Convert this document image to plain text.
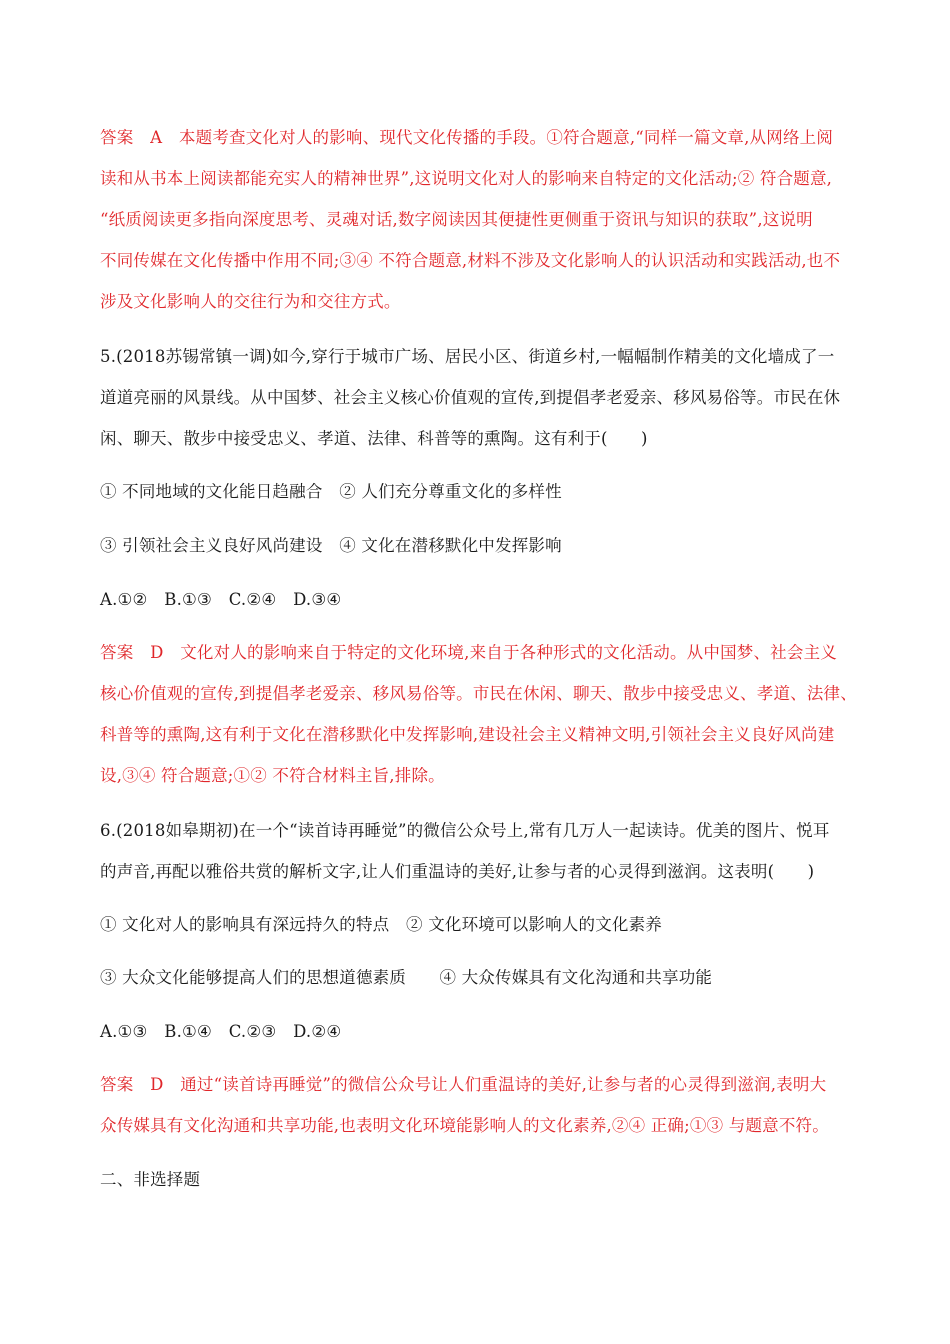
答案　A　本题考查文化对人的影响、现代文化传播的手段。①符合题意,“同样一篇文章,从网络上阅
读和从书本上阅读都能充实人的精神世界”,这说明文化对人的影响来自特定的文化活动;② 符合题意,
“纸质阅读更多指向深度思考、灵魂对话,数字阅读因其便捷性更侧重于资讯与知识的获取”,这说明
不同传媒在文化传播中作用不同;③④ 不符合题意,材料不涉及文化影响人的认识活动和实践活动,也不
涉及文化影响人的交往行为和交往方式。
5.(2018苏锡常镇一调)如今,穿行于城市广场、居民小区、街道乡村,一幅幅制作精美的文化墙成了一
道道亮丽的风景线。从中国梦、社会主义核心价值观的宣传,到提倡孝老爱亲、移风易俗等。市民在休
闲、聊天、散步中接受忠义、孝道、法律、科普等的熏陶。这有利于(　　)
① 不同地域的文化能日趋融合　② 人们充分尊重文化的多样性
③ 引领社会主义良好风尚建设　④ 文化在潜移默化中发挥影响
A.①②　B.①③　C.②④　D.③④
答案　D　文化对人的影响来自于特定的文化环境,来自于各种形式的文化活动。从中国梦、社会主义
核心价值观的宣传,到提倡孝老爱亲、移风易俗等。市民在休闲、聊天、散步中接受忠义、孝道、法律、
科普等的熏陶,这有利于文化在潜移默化中发挥影响,建设社会主义精神文明,引领社会主义良好风尚建
设,③④ 符合题意;①② 不符合材料主旨,排除。
6.(2018如皋期初)在一个“读首诗再睡觉”的微信公众号上,常有几万人一起读诗。优美的图片、悦耳
的声音,再配以雅俗共赏的解析文字,让人们重温诗的美好,让参与者的心灵得到滋润。这表明(　　)
① 文化对人的影响具有深远持久的特点　② 文化环境可以影响人的文化素养
③ 大众文化能够提高人们的思想道德素质　　④ 大众传媒具有文化沟通和共享功能
A.①③　B.①④　C.②③　D.②④
答案　D　通过“读首诗再睡觉”的微信公众号让人们重温诗的美好,让参与者的心灵得到滋润,表明大
众传媒具有文化沟通和共享功能,也表明文化环境能影响人的文化素养,②④ 正确;①③ 与题意不符。
二、非选择题
